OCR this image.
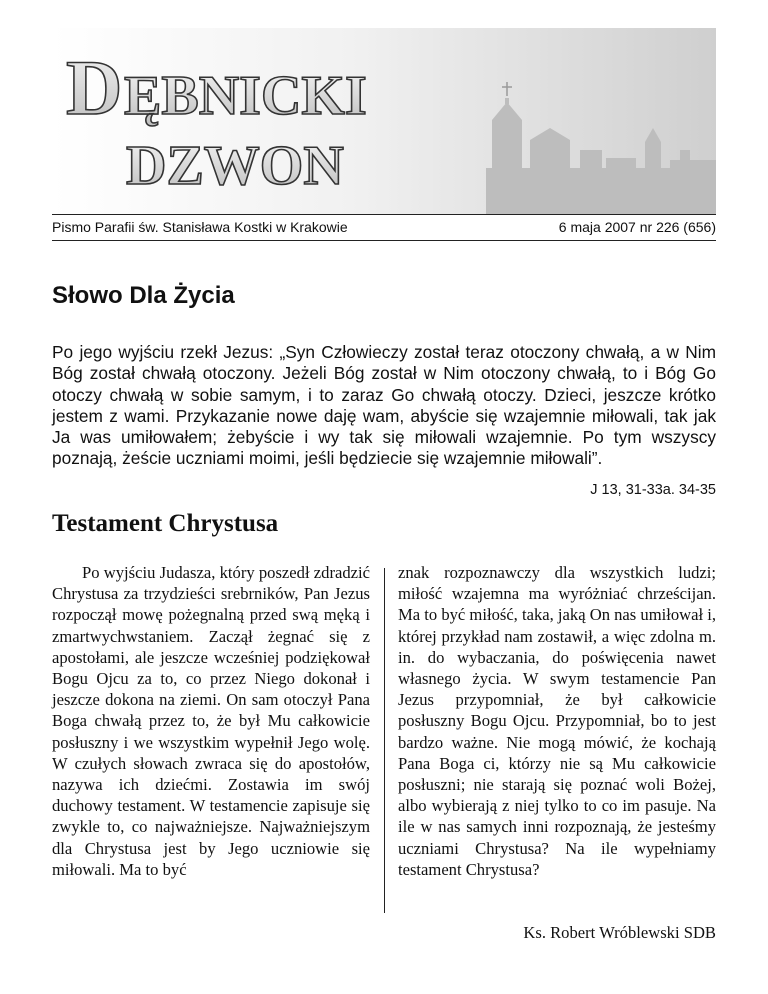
D ĘBNICKI
DZWON
Pismo Parafii św. Stanisława Kostki w Krakowie	6 maja 2007 nr 226 (656)
Słowo Dla Życia

Po jego wyjściu rzekł Jezus: „Syn Człowieczy został teraz otoczony chwałą, a w Nim Bóg został chwałą otoczony. Jeżeli Bóg został w Nim otoczony chwałą, to i Bóg Go otoczy chwałą w sobie samym, i to zaraz Go chwałą otoczy. Dzieci, jeszcze krótko jestem z wami. Przykazanie nowe daję wam, abyście się wzajemnie miłowali, tak jak Ja was umiłowałem; żebyście i wy tak się miłowali wzajemnie. Po tym wszyscy poznają, żeście uczniami moimi, jeśli będziecie się wzajemnie miłowali”.

J 13, 31-33a. 34-35
Testament Chrystusa

Po wyjściu Judasza, który poszedł zdradzić Chrystusa za trzydzieści srebrników, Pan Jezus rozpoczął mowę pożegnalną przed swą męką i zmartwychwstaniem. Zaczął żegnać się z apostołami, ale jeszcze wcześniej podziękował Bogu Ojcu za to, co przez Niego dokonał i jeszcze dokona na ziemi. On sam otoczył Pana Boga chwałą przez to, że był Mu całkowicie posłuszny i we wszystkim wypełnił Jego wolę. W czułych słowach zwraca się do apostołów, nazywa ich dziećmi. Zostawia im swój duchowy testament. W testamencie zapisuje się zwykle to, co najważniejsze. Najważniejszym dla Chrystusa jest by Jego uczniowie się miłowali. Ma to być

znak rozpoznawczy dla wszystkich ludzi; miłość wzajemna ma wyróżniać chrześcijan. Ma to być miłość, taka, jaką On nas umiłował i, której przykład nam zostawił, a więc zdolna m. in. do wybaczania, do poświęcenia nawet własnego życia. W swym testamencie Pan Jezus przypomniał, że był całkowicie posłuszny Bogu Ojcu. Przypomniał, bo to jest bardzo ważne. Nie mogą mówić, że kochają Pana Boga ci, którzy nie są Mu całkowicie posłuszni; nie starają się poznać woli Bożej, albo wybierają z niej tylko to co im pasuje. Na ile w nas samych inni rozpoznają, że jesteśmy uczniami Chrystusa? Na ile wypełniamy testament Chrystusa?

Ks. Robert Wróblewski SDB
